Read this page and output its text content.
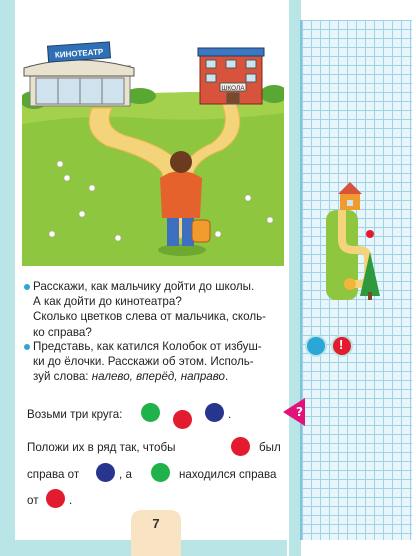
КИНОТЕАТР
ШКОЛА
Расскажи, как мальчику дойти до школы.
А как дойти до кинотеатра?
Сколько цветков слева от мальчика, сколь-
ко справа?
Представь, как катился Колобок от избуш-
ки до ёлочки. Расскажи об этом. Исполь-
зуй слова: налево, вперёд, направо.
Возьми три круга:	.
Положи их в ряд так, чтобы	был
справа от	, а	находился справа
от	.
?
!
7
